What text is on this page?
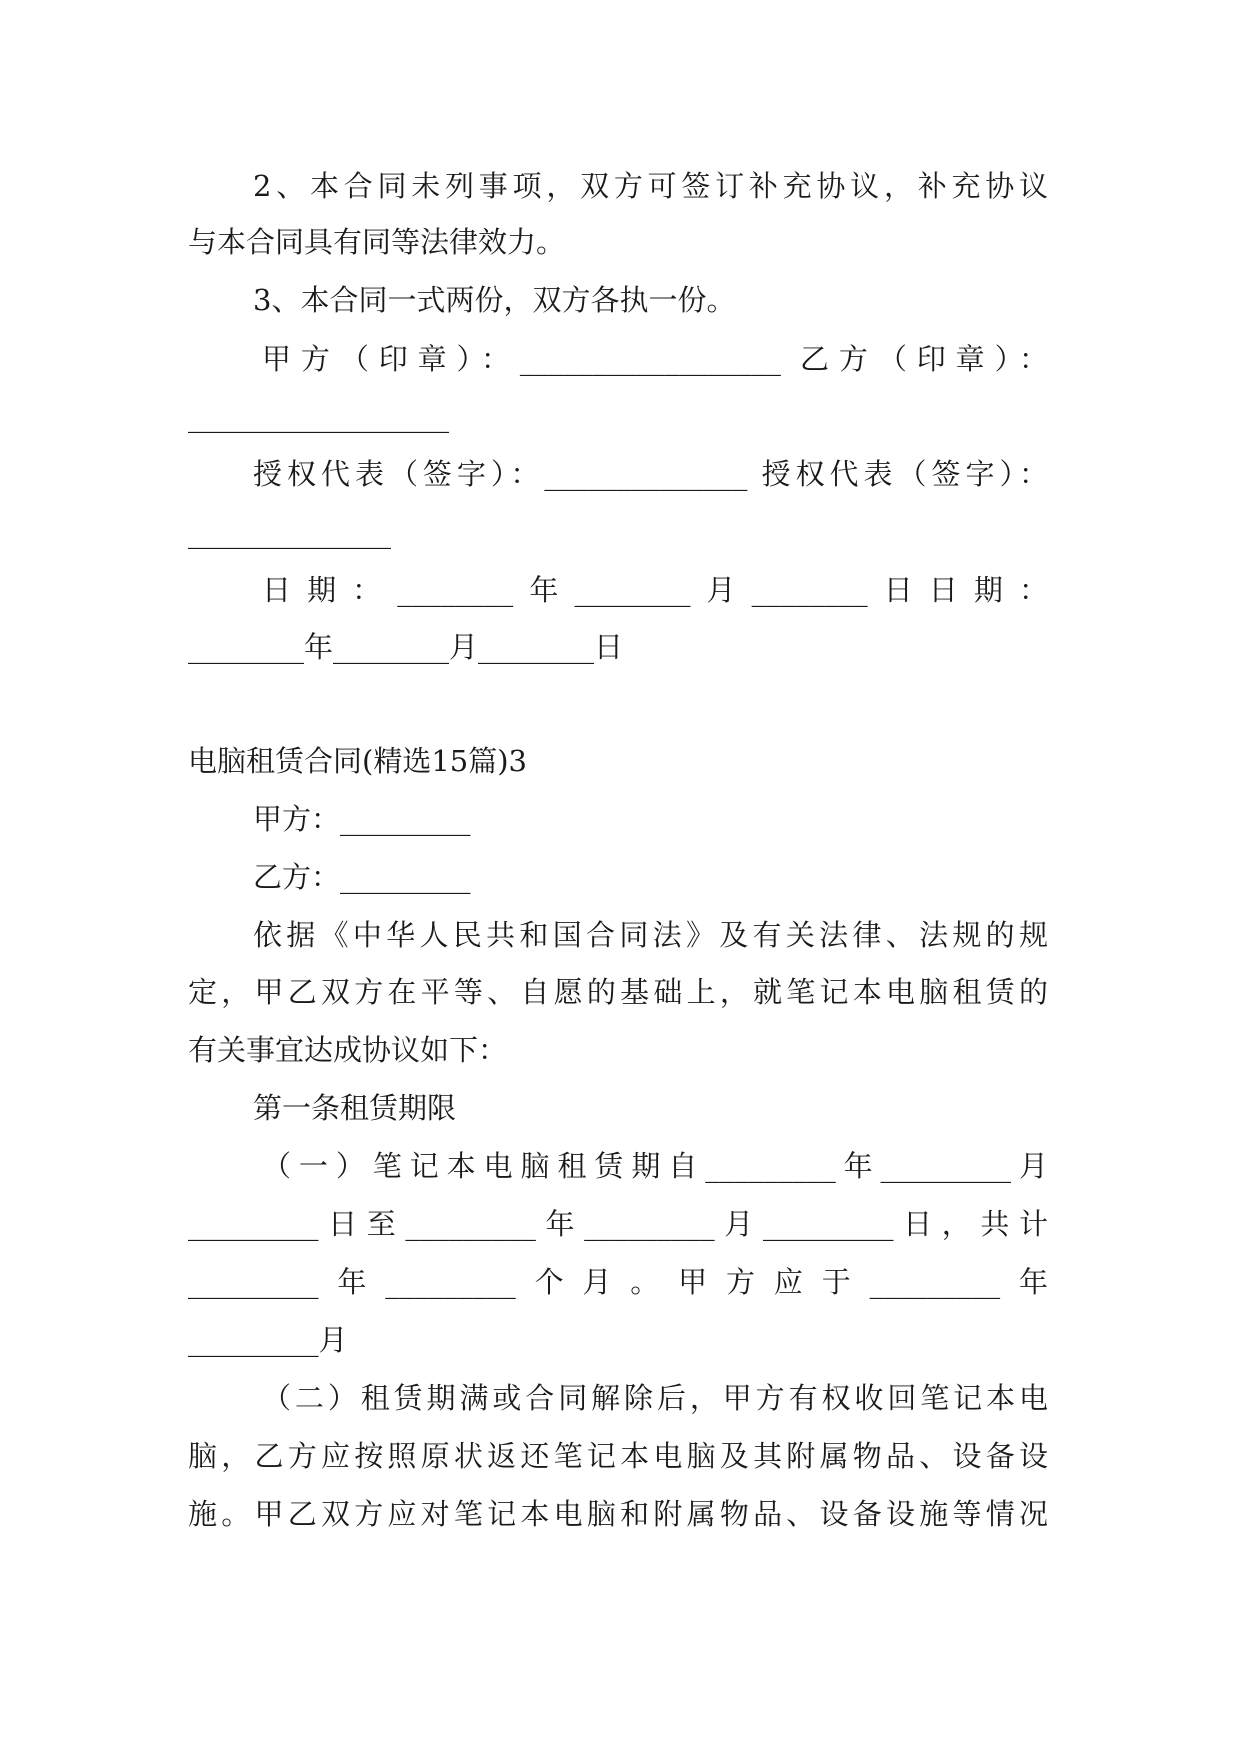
2、本合同未列事项，双方可签订补充协议，补充协议
与本合同具有同等法律效力。
3、本合同一式两份，双方各执一份。
甲方（印章）：__________________ 乙方（印章）：
__________________
授权代表（签字）：______________ 授权代表（签字）：
______________
日期：________年________月________日日期：
________年________月________日
电脑租赁合同(精选15篇)3
甲方：_________
乙方：_________
依据《中华人民共和国合同法》及有关法律、法规的规
定，甲乙双方在平等、自愿的基础上，就笔记本电脑租赁的
有关事宜达成协议如下：
第一条租赁期限
（一）笔记本电脑租赁期自_________年_________月
_________日至_________年_________月_________日，共计
_________年_________个月。甲方应于_________年
_________月
（二）租赁期满或合同解除后，甲方有权收回笔记本电
脑，乙方应按照原状返还笔记本电脑及其附属物品、设备设
施。甲乙双方应对笔记本电脑和附属物品、设备设施等情况
